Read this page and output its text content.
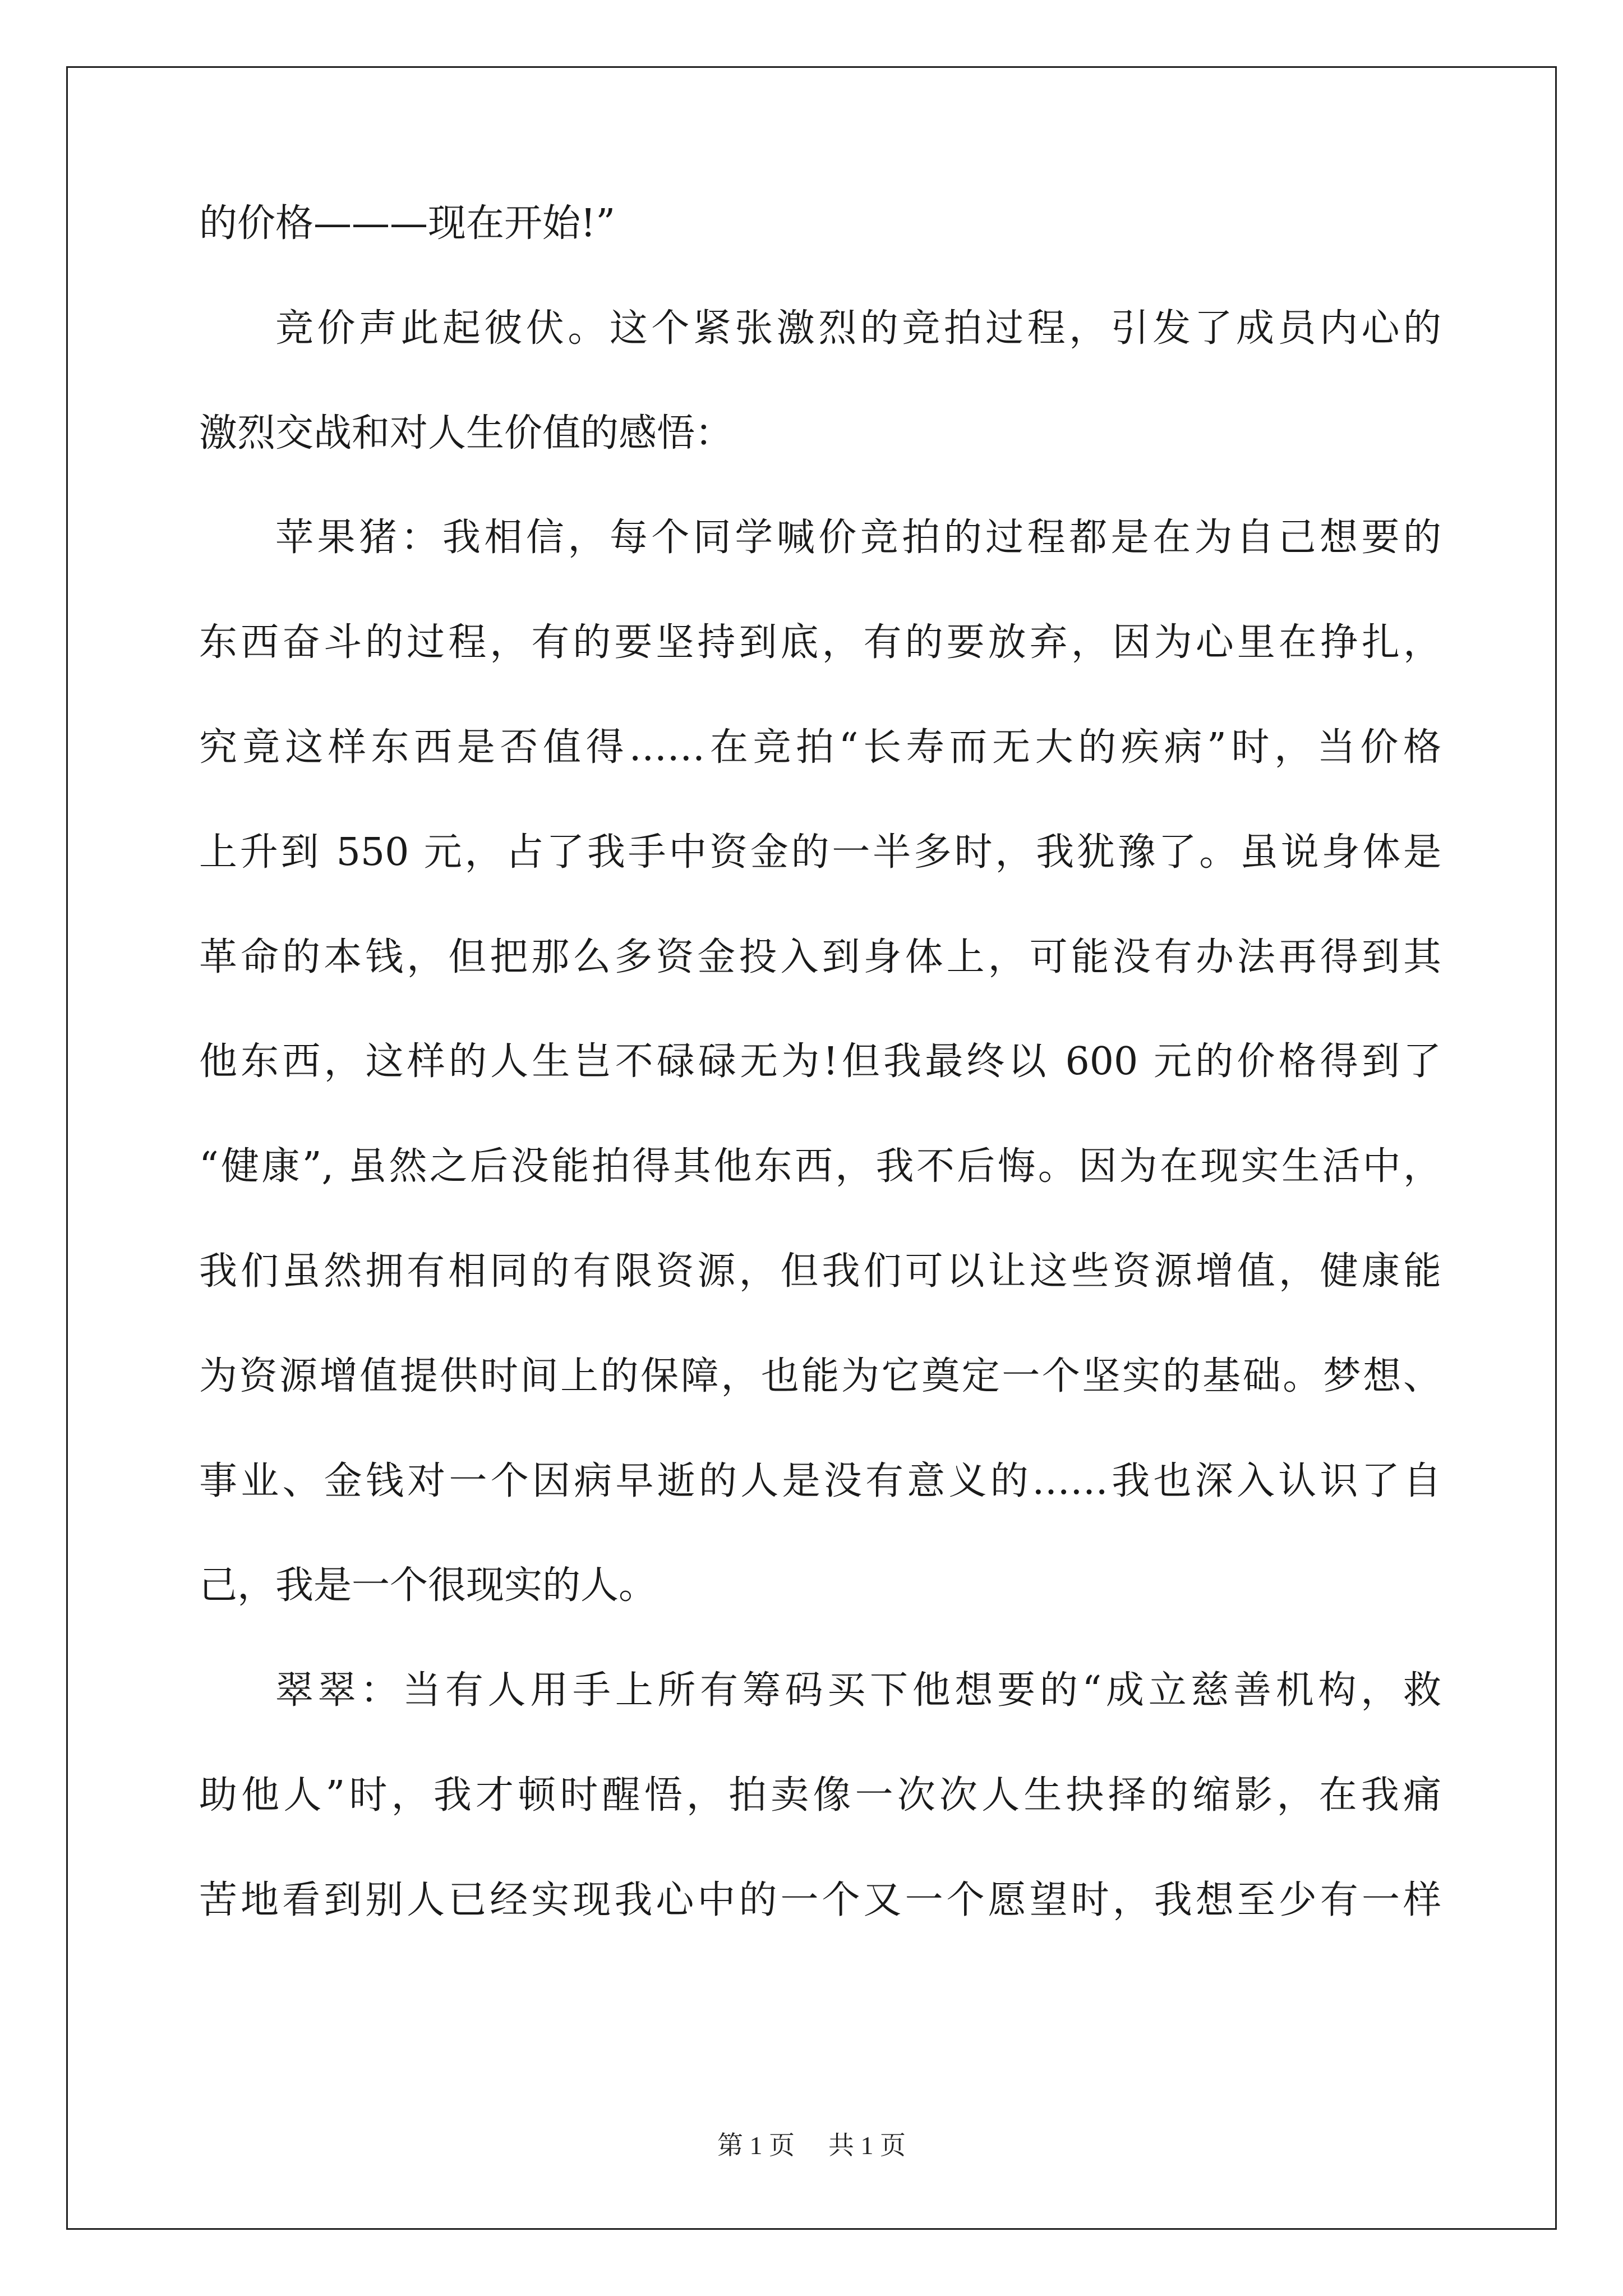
的价格———现在开始!”
竞价声此起彼伏。这个紧张激烈的竞拍过程，引发了成员内心的
激烈交战和对人生价值的感悟：
苹果猪：我相信，每个同学喊价竞拍的过程都是在为自己想要的
东西奋斗的过程，有的要坚持到底，有的要放弃，因为心里在挣扎，
究竟这样东西是否值得……在竞拍“长寿而无大的疾病”时，当价格
上升到 550 元，占了我手中资金的一半多时，我犹豫了。虽说身体是
革命的本钱，但把那么多资金投入到身体上，可能没有办法再得到其
他东西，这样的人生岂不碌碌无为!但我最终以 600 元的价格得到了
“健康”, 虽然之后没能拍得其他东西，我不后悔。因为在现实生活中，
我们虽然拥有相同的有限资源，但我们可以让这些资源增值，健康能
为资源增值提供时间上的保障，也能为它奠定一个坚实的基础。梦想、
事业、金钱对一个因病早逝的人是没有意义的……我也深入认识了自
己，我是一个很现实的人。
翠翠：当有人用手上所有筹码买下他想要的“成立慈善机构，救
助他人”时，我才顿时醒悟，拍卖像一次次人生抉择的缩影，在我痛
苦地看到别人已经实现我心中的一个又一个愿望时，我想至少有一样
第 1 页 共 1 页
